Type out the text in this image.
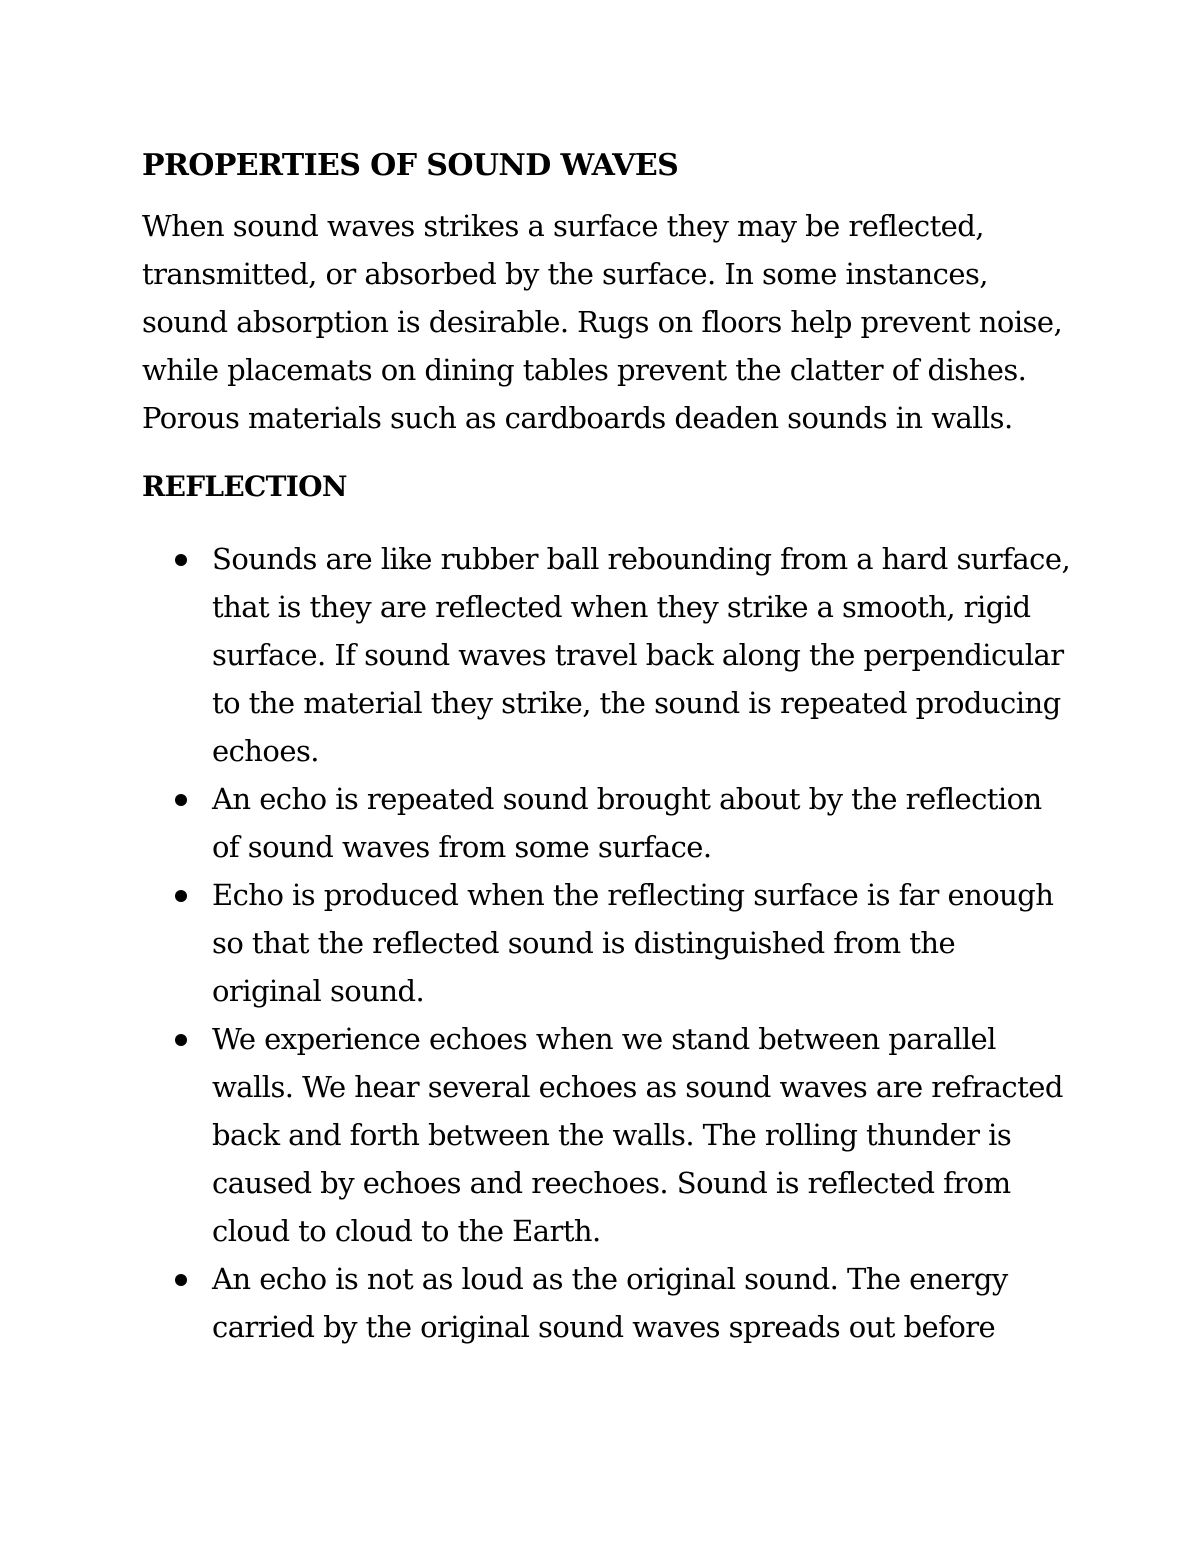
PROPERTIES OF SOUND WAVES

When sound waves strikes a surface they may be reflected, transmitted, or absorbed by the surface. In some instances, sound absorption is desirable. Rugs on floors help prevent noise, while placemats on dining tables prevent the clatter of dishes. Porous materials such as cardboards deaden sounds in walls.

REFLECTION
Sounds are like rubber ball rebounding from a hard surface, that is they are reflected when they strike a smooth, rigid surface. If sound waves travel back along the perpendicular to the material they strike, the sound is repeated producing echoes.
An echo is repeated sound brought about by the reflection of sound waves from some surface.
Echo is produced when the reflecting surface is far enough so that the reflected sound is distinguished from the original sound.
We experience echoes when we stand between parallel walls. We hear several echoes as sound waves are refracted back and forth between the walls. The rolling thunder is caused by echoes and reechoes. Sound is reflected from cloud to cloud to the Earth.
An echo is not as loud as the original sound. The energy carried by the original sound waves spreads out before
